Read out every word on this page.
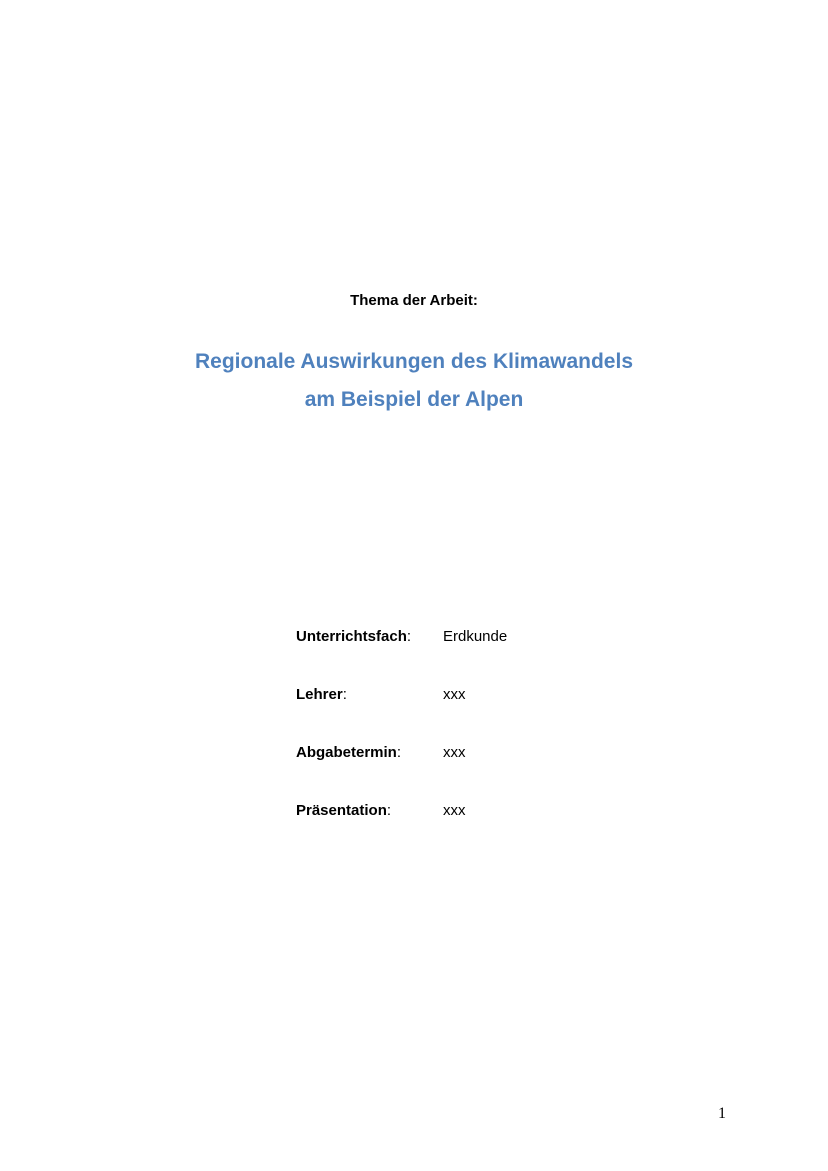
Thema der Arbeit:
Regionale Auswirkungen des Klimawandels
am Beispiel der Alpen
Unterrichtsfach: Erdkunde
Lehrer:	xxx
Abgabetermin:	xxx
Präsentation:	xxx
1
